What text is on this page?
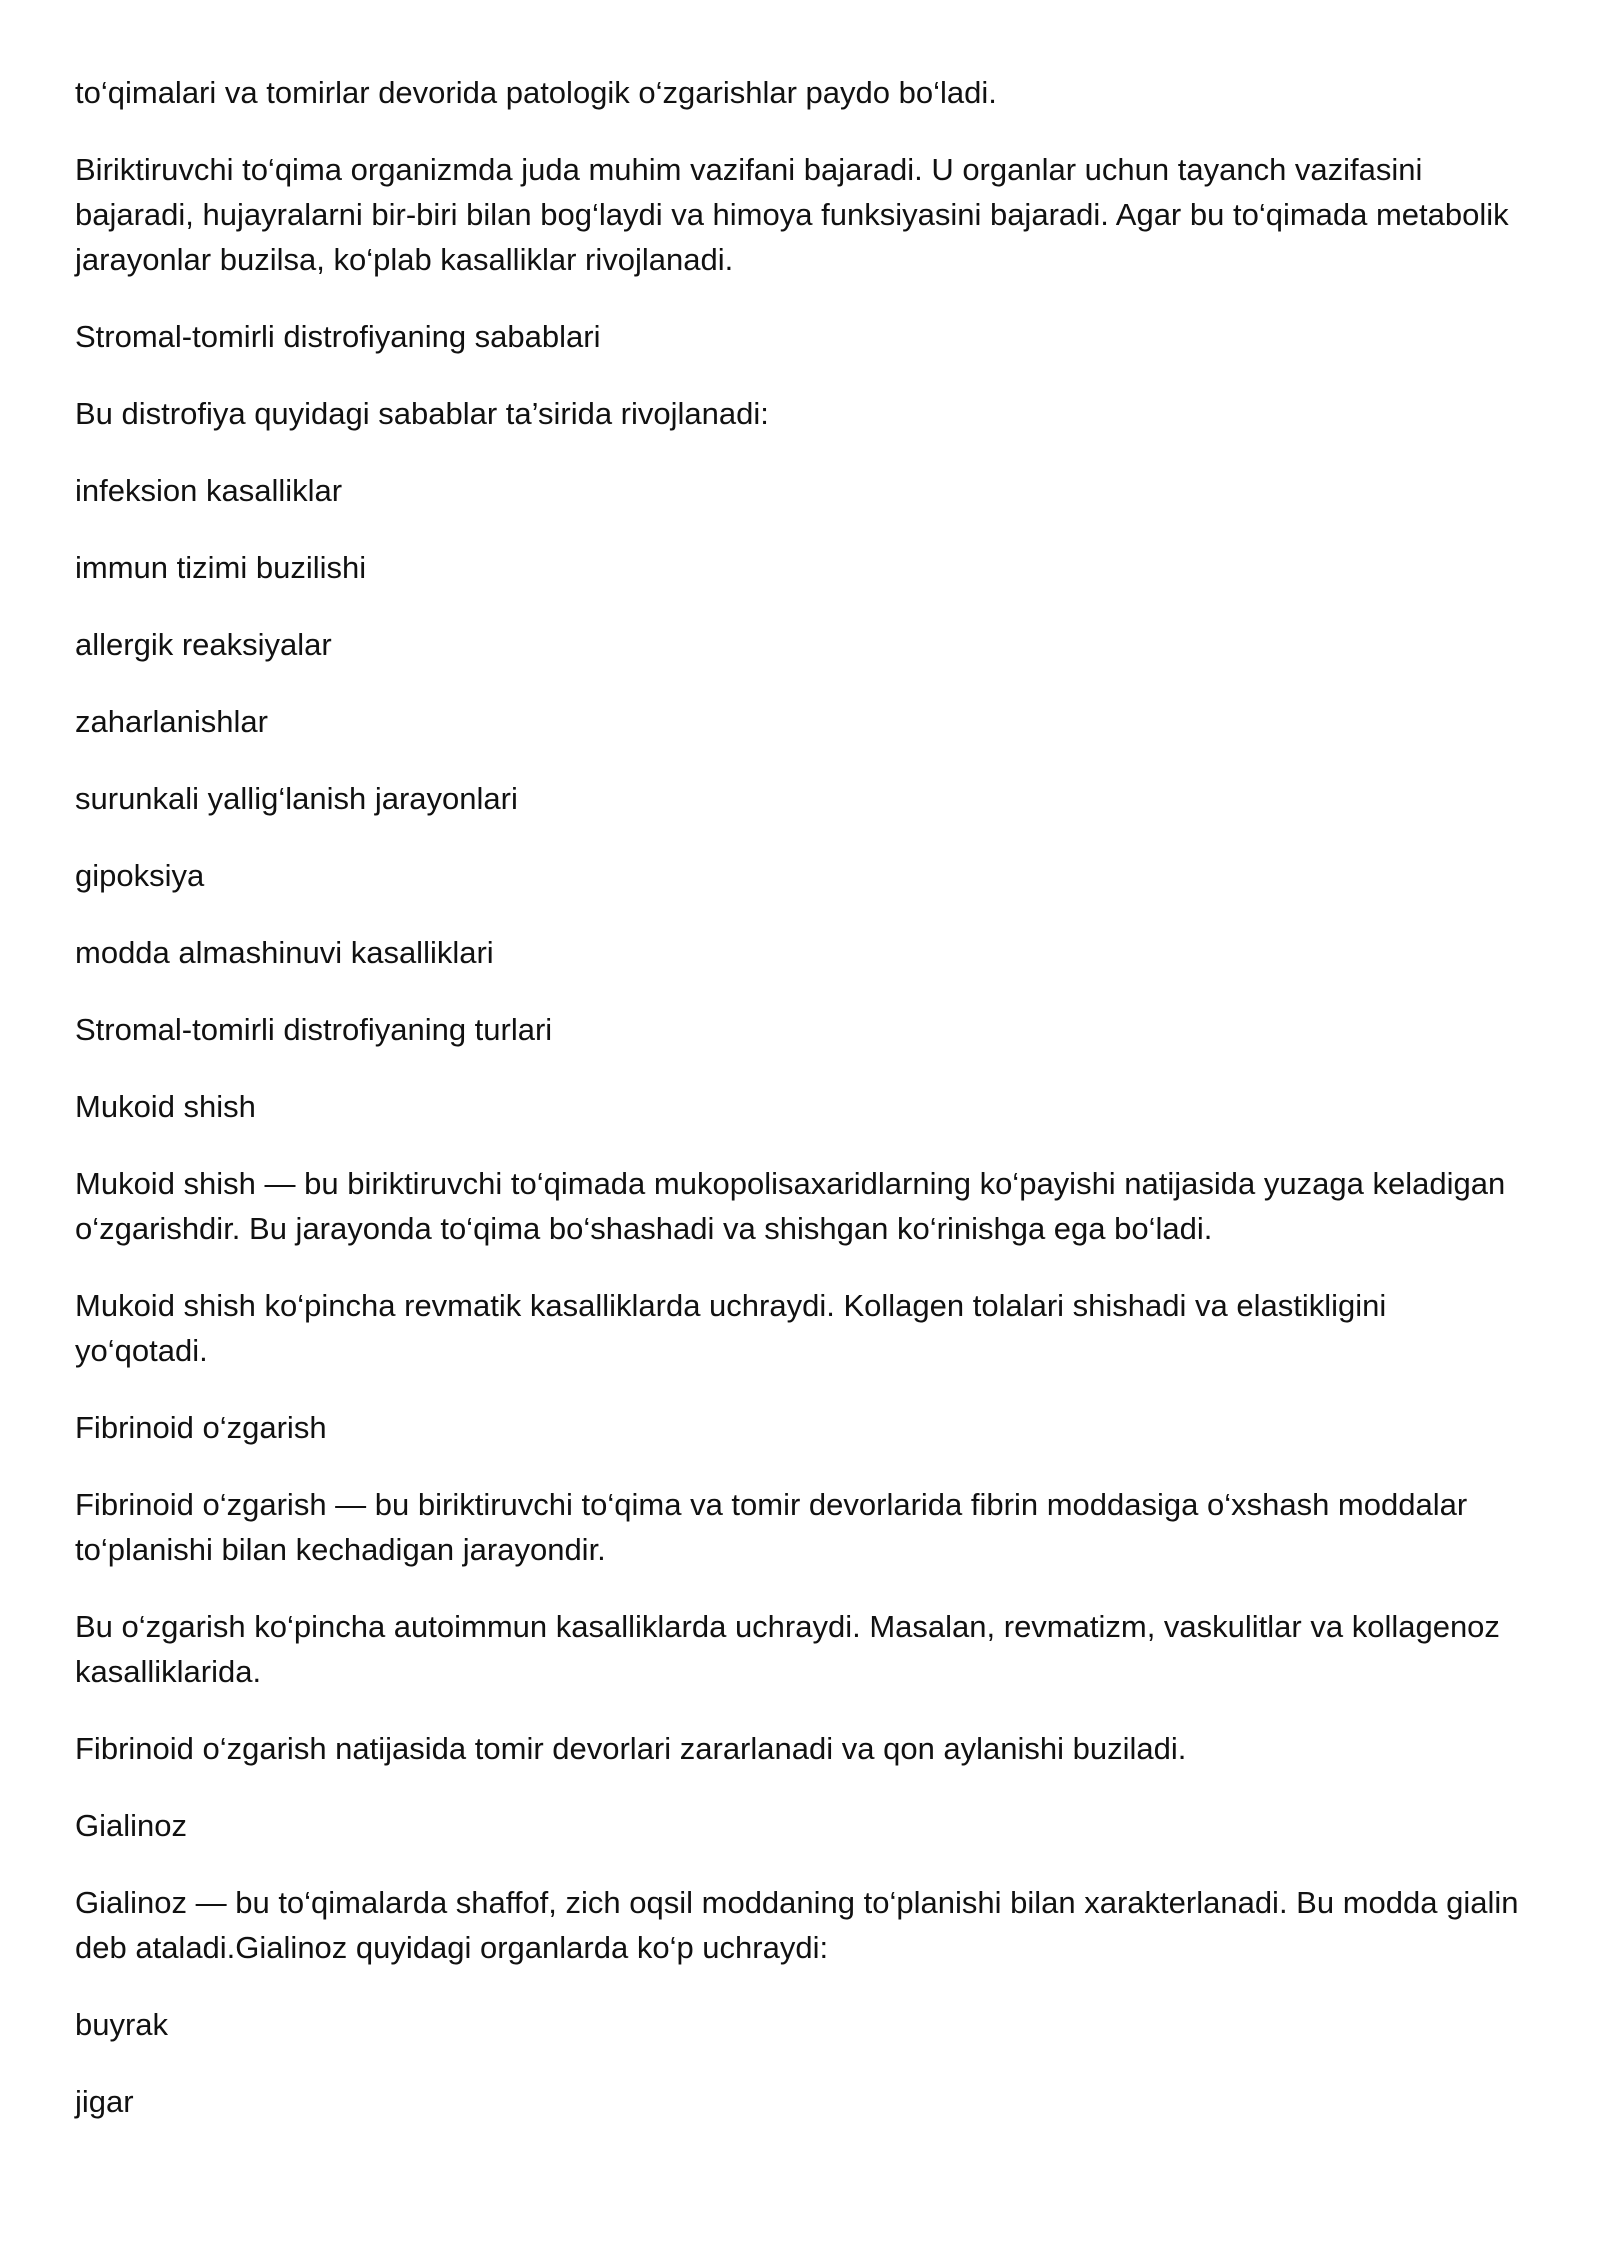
to‘qimalari va tomirlar devorida patologik o‘zgarishlar paydo bo‘ladi.

Biriktiruvchi to‘qima organizmda juda muhim vazifani bajaradi. U organlar uchun tayanch vazifasini bajaradi, hujayralarni bir-biri bilan bog‘laydi va himoya funksiyasini bajaradi. Agar bu to‘qimada metabolik jarayonlar buzilsa, ko‘plab kasalliklar rivojlanadi.

Stromal-tomirli distrofiyaning sabablari

Bu distrofiya quyidagi sabablar ta’sirida rivojlanadi:

infeksion kasalliklar

immun tizimi buzilishi

allergik reaksiyalar

zaharlanishlar

surunkali yallig‘lanish jarayonlari

gipoksiya

modda almashinuvi kasalliklari

Stromal-tomirli distrofiyaning turlari

Mukoid shish

Mukoid shish — bu biriktiruvchi to‘qimada mukopolisaxaridlarning ko‘payishi natijasida yuzaga keladigan o‘zgarishdir. Bu jarayonda to‘qima bo‘shashadi va shishgan ko‘rinishga ega bo‘ladi.

Mukoid shish ko‘pincha revmatik kasalliklarda uchraydi. Kollagen tolalari shishadi va elastikligini yo‘qotadi.

Fibrinoid o‘zgarish

Fibrinoid o‘zgarish — bu biriktiruvchi to‘qima va tomir devorlarida fibrin moddasiga o‘xshash moddalar to‘planishi bilan kechadigan jarayondir.

Bu o‘zgarish ko‘pincha autoimmun kasalliklarda uchraydi. Masalan, revmatizm, vaskulitlar va kollagenoz kasalliklarida.

Fibrinoid o‘zgarish natijasida tomir devorlari zararlanadi va qon aylanishi buziladi.

Gialinoz

Gialinoz — bu to‘qimalarda shaffof, zich oqsil moddaning to‘planishi bilan xarakterlanadi. Bu modda gialin deb ataladi.Gialinoz quyidagi organlarda ko‘p uchraydi:

buyrak

jigar
